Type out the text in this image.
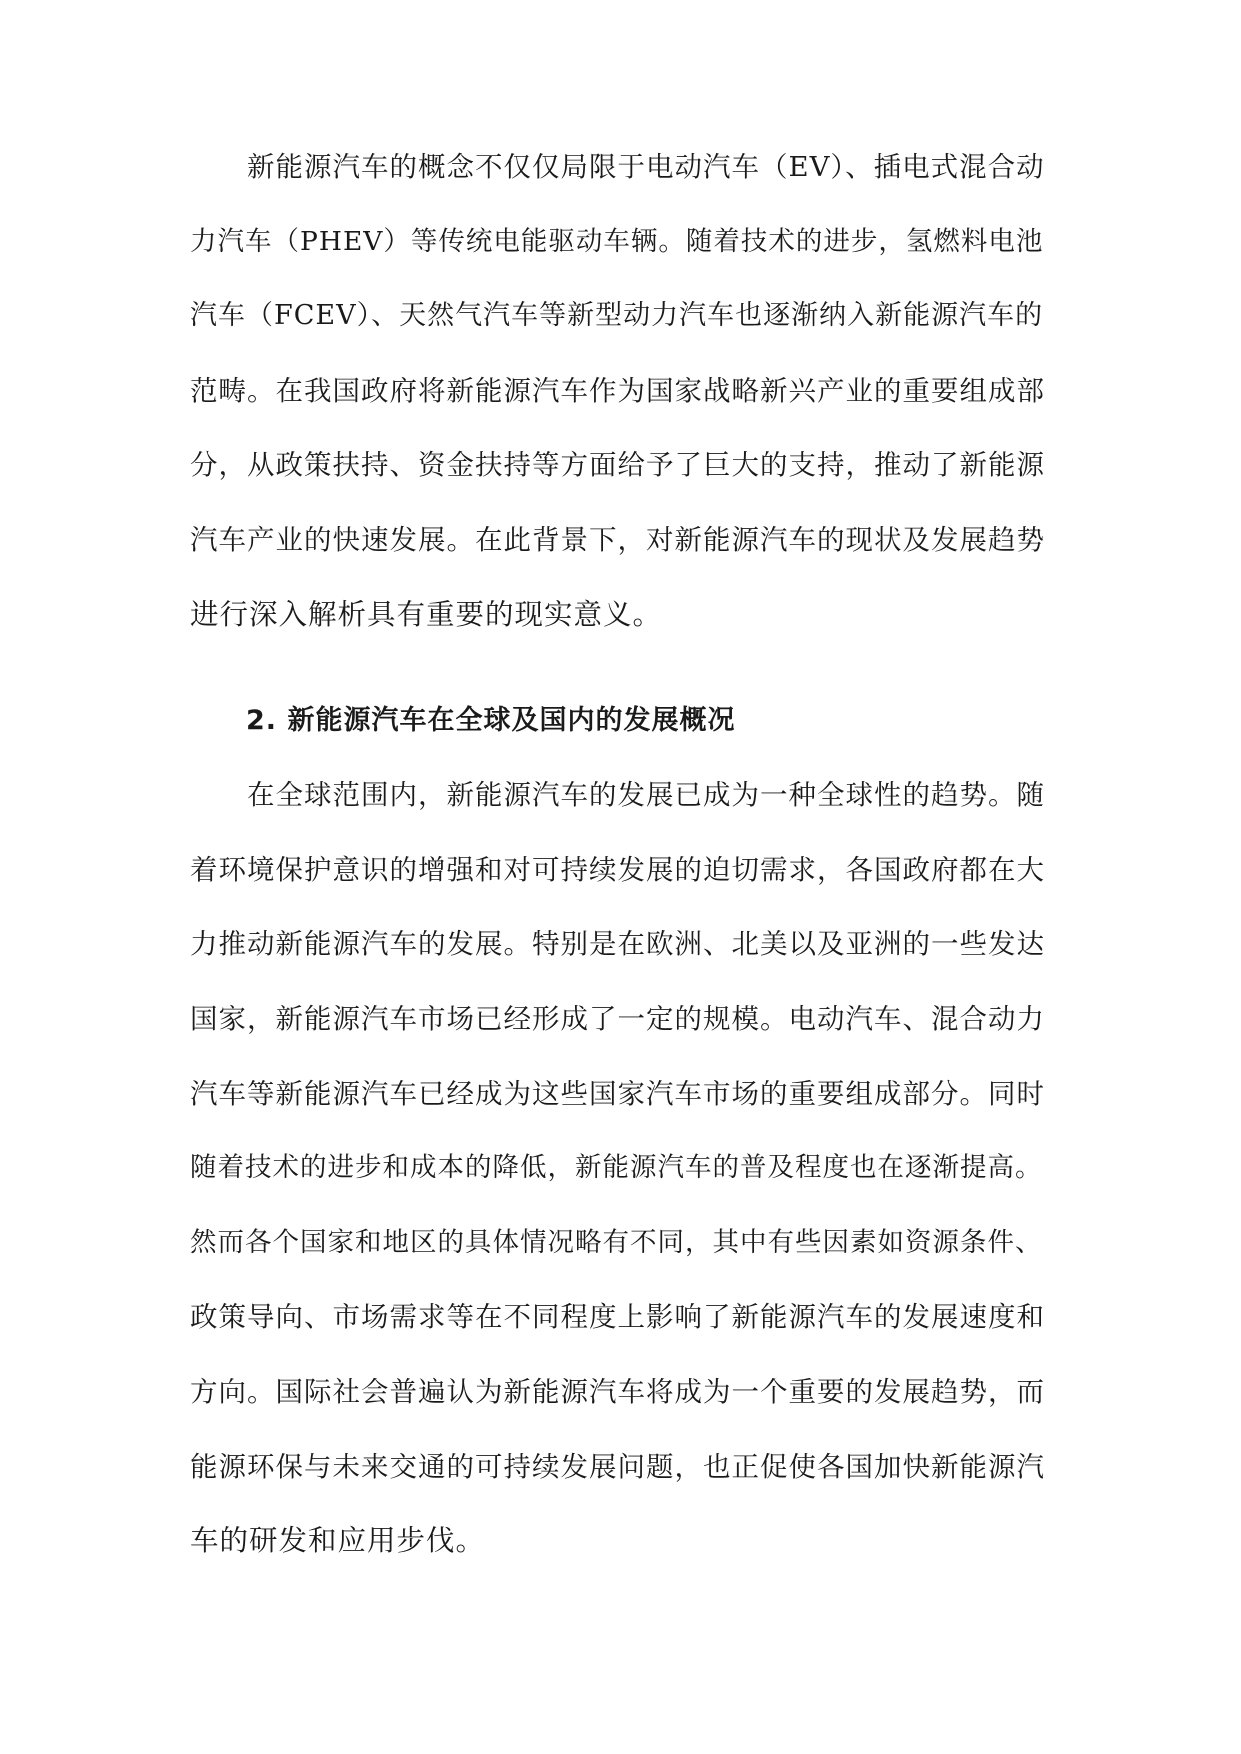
新能源汽车的概念不仅仅局限于电动汽车（EV）、插电式混合动
力汽车（PHEV）等传统电能驱动车辆。随着技术的进步，氢燃料电池
汽车（FCEV）、天然气汽车等新型动力汽车也逐渐纳入新能源汽车的
范畴。在我国政府将新能源汽车作为国家战略新兴产业的重要组成部
分，从政策扶持、资金扶持等方面给予了巨大的支持，推动了新能源
汽车产业的快速发展。在此背景下，对新能源汽车的现状及发展趋势
进行深入解析具有重要的现实意义。
2. 新能源汽车在全球及国内的发展概况
在全球范围内，新能源汽车的发展已成为一种全球性的趋势。随
着环境保护意识的增强和对可持续发展的迫切需求，各国政府都在大
力推动新能源汽车的发展。特别是在欧洲、北美以及亚洲的一些发达
国家，新能源汽车市场已经形成了一定的规模。电动汽车、混合动力
汽车等新能源汽车已经成为这些国家汽车市场的重要组成部分。同时
随着技术的进步和成本的降低，新能源汽车的普及程度也在逐渐提高。
然而各个国家和地区的具体情况略有不同，其中有些因素如资源条件、
政策导向、市场需求等在不同程度上影响了新能源汽车的发展速度和
方向。国际社会普遍认为新能源汽车将成为一个重要的发展趋势，而
能源环保与未来交通的可持续发展问题，也正促使各国加快新能源汽
车的研发和应用步伐。
